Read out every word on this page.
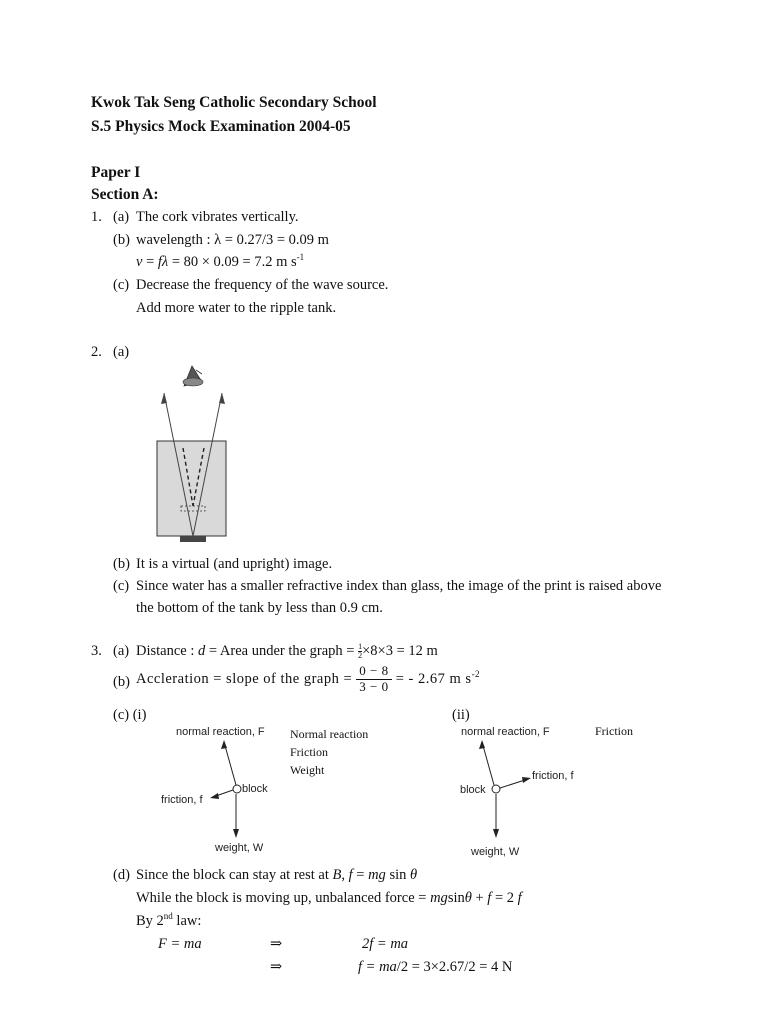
Kwok Tak Seng Catholic Secondary School
S.5 Physics Mock Examination 2004-05
Paper I
Section A:
1. (a) The cork vibrates vertically.
(b) wavelength : λ = 0.27/3 = 0.09 m
v = fλ = 80 × 0.09 = 7.2 m $s^{-1}$
(c) Decrease the frequency of the wave source.
Add more water to the ripple tank.
2. (a)
(b) It is a virtual (and upright) image.
(c) Since water has a smaller refractive index than glass, the image of the print is raised above
the bottom of the tank by less than 0.9 cm.
3. (a) Distance : d = Area under the graph = $\frac{1}{2} \times 8\times 3 = 12$ m
(b) Accleration = slope of the graph = $\frac{0 - 8}{3 - 0}$ = - 2.67 m $s^{-2}$
(c) (i)	(ii)
normal reaction, F
friction, f
block
weight, W
Normal reaction
Friction
Weight
normal reaction, F
friction, f
block
weight, W
Friction
(d) Since the block can stay at rest at B, f = mg sin θ
While the block is moving up, unbalanced force = mgsinθ + f = 2 f
By 2nd law:
F = ma	⇒	2f = ma
⇒	f = ma/2 = 3×2.67/2 = 4 N
